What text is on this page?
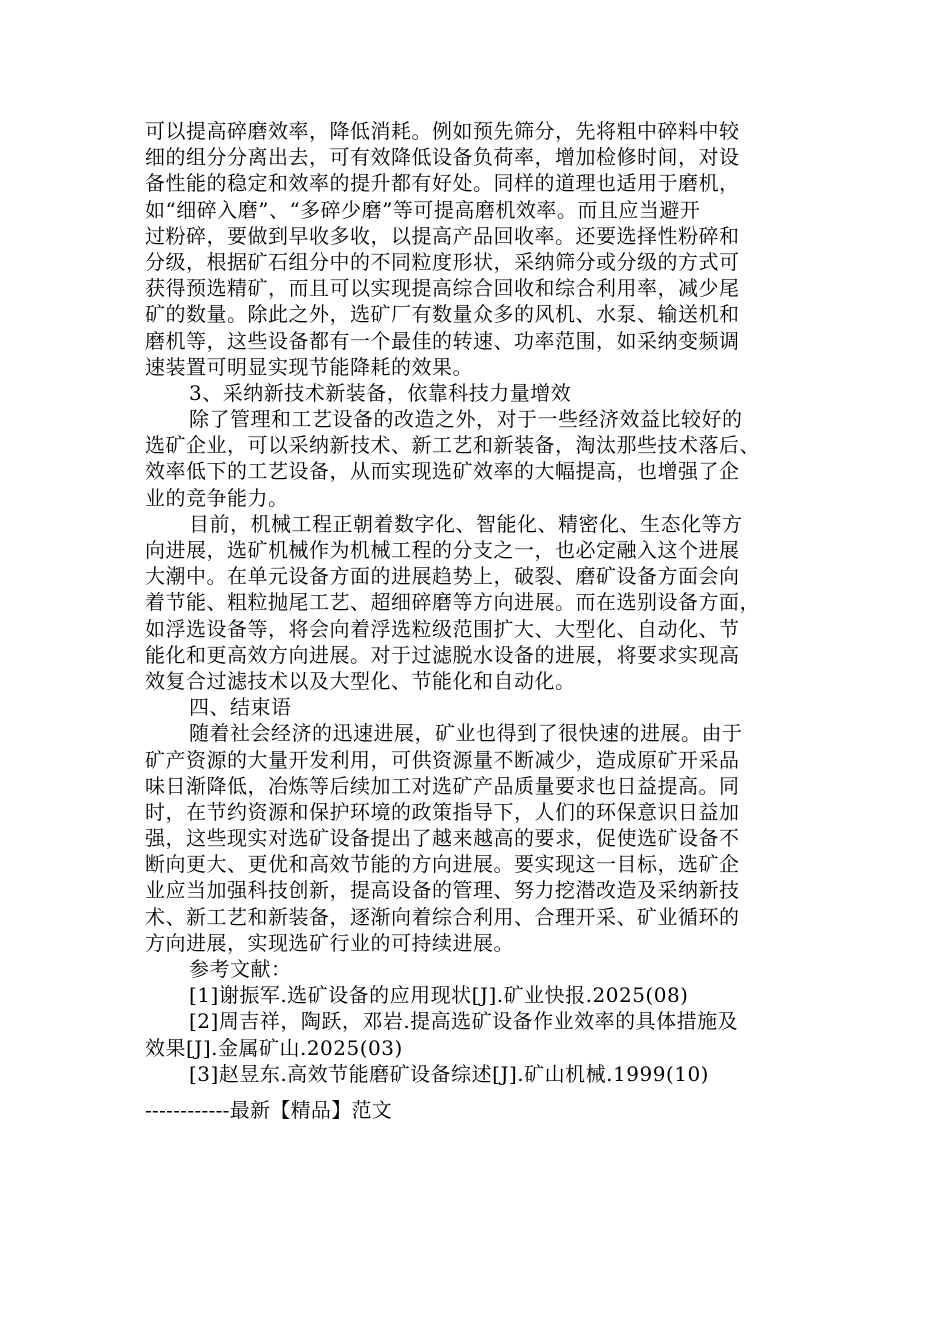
可以提高碎磨效率，降低消耗。例如预先筛分，先将粗中碎料中较
细的组分分离出去，可有效降低设备负荷率，增加检修时间，对设
备性能的稳定和效率的提升都有好处。同样的道理也适用于磨机，
如“细碎入磨”、“多碎少磨”等可提高磨机效率。而且应当避开
过粉碎，要做到早收多收，以提高产品回收率。还要选择性粉碎和
分级，根据矿石组分中的不同粒度形状，采纳筛分或分级的方式可
获得预选精矿，而且可以实现提高综合回收和综合利用率，减少尾
矿的数量。除此之外，选矿厂有数量众多的风机、水泵、输送机和
磨机等，这些设备都有一个最佳的转速、功率范围，如采纳变频调
速装置可明显实现节能降耗的效果。
3、采纳新技术新装备，依靠科技力量增效
除了管理和工艺设备的改造之外，对于一些经济效益比较好的
选矿企业，可以采纳新技术、新工艺和新装备，淘汰那些技术落后、
效率低下的工艺设备，从而实现选矿效率的大幅提高，也增强了企
业的竞争能力。
目前，机械工程正朝着数字化、智能化、精密化、生态化等方
向进展，选矿机械作为机械工程的分支之一，也必定融入这个进展
大潮中。在单元设备方面的进展趋势上，破裂、磨矿设备方面会向
着节能、粗粒抛尾工艺、超细碎磨等方向进展。而在选别设备方面，
如浮选设备等，将会向着浮选粒级范围扩大、大型化、自动化、节
能化和更高效方向进展。对于过滤脱水设备的进展，将要求实现高
效复合过滤技术以及大型化、节能化和自动化。
四、结束语
随着社会经济的迅速进展，矿业也得到了很快速的进展。由于
矿产资源的大量开发利用，可供资源量不断减少，造成原矿开采品
味日渐降低，冶炼等后续加工对选矿产品质量要求也日益提高。同
时，在节约资源和保护环境的政策指导下，人们的环保意识日益加
强，这些现实对选矿设备提出了越来越高的要求，促使选矿设备不
断向更大、更优和高效节能的方向进展。要实现这一目标，选矿企
业应当加强科技创新，提高设备的管理、努力挖潜改造及采纳新技
术、新工艺和新装备，逐渐向着综合利用、合理开采、矿业循环的
方向进展，实现选矿行业的可持续进展。
参考文献：
[1]谢振军.选矿设备的应用现状[J].矿业快报.2025(08)
[2]周吉祥，陶跃，邓岩.提高选矿设备作业效率的具体措施及
效果[J].金属矿山.2025(03)
[3]赵昱东.高效节能磨矿设备综述[J].矿山机械.1999(10)
------------最新【精品】范文
